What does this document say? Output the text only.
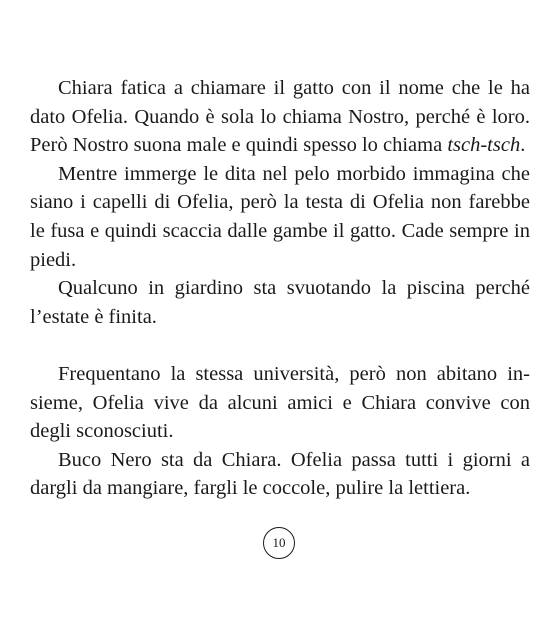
Chiara fatica a chiamare il gatto con il nome che le ha dato Ofelia. Quando è sola lo chiama Nostro, perché è loro. Però Nostro suona male e quindi spesso lo chiama tsch-tsch.

Mentre immerge le dita nel pelo morbido immagina che siano i capelli di Ofelia, però la testa di Ofelia non farebbe le fusa e quindi scaccia dalle gambe il gatto. Cade sempre in piedi.

Qualcuno in giardino sta svuotando la piscina perché l’estate è finita.

Frequentano la stessa università, però non abitano insieme, Ofelia vive da alcuni amici e Chiara convive con degli sconosciuti.

Buco Nero sta da Chiara. Ofelia passa tutti i giorni a dargli da mangiare, fargli le coccole, pulire la lettiera.

10
